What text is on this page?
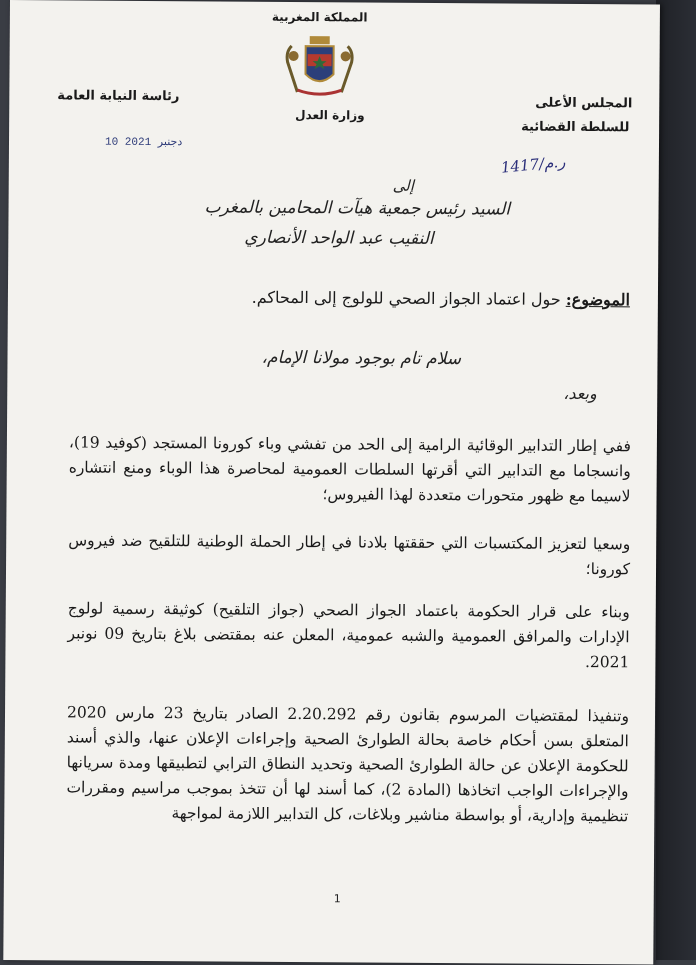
المملكة المغربية
رئاسة النيابة العامة
وزارة العدل
المجلس الأعلى
للسلطة القضائية
10 دجنبر 2021
1417/ر.م
إلى
السيد رئيس جمعية هيآت المحامين بالمغرب
النقيب عبد الواحد الأنصاري
الموضوع: حول اعتماد الجواز الصحي للولوج إلى المحاكم.
سلام تام بوجود مولانا الإمام،
وبعد،
ففي إطار التدابير الوقائية الرامية إلى الحد من تفشي وباء كورونا المستجد (كوفيد 19)، وانسجاما مع التدابير التي أقرتها السلطات العمومية لمحاصرة هذا الوباء ومنع انتشاره لاسيما مع ظهور متحورات متعددة لهذا الفيروس؛
وسعيا لتعزيز المكتسبات التي حققتها بلادنا في إطار الحملة الوطنية للتلقيح ضد فيروس كورونا؛
وبناء على قرار الحكومة باعتماد الجواز الصحي (جواز التلقيح) كوثيقة رسمية لولوج الإدارات والمرافق العمومية والشبه عمومية، المعلن عنه بمقتضى بلاغ بتاريخ 09 نونبر 2021.
وتنفيذا لمقتضيات المرسوم بقانون رقم 2.20.292 الصادر بتاريخ 23 مارس 2020 المتعلق بسن أحكام خاصة بحالة الطوارئ الصحية وإجراءات الإعلان عنها، والذي أسند للحكومة الإعلان عن حالة الطوارئ الصحية وتحديد النطاق الترابي لتطبيقها ومدة سريانها والإجراءات الواجب اتخاذها (المادة 2)، كما أسند لها أن تتخذ بموجب مراسيم ومقررات تنظيمية وإدارية، أو بواسطة مناشير وبلاغات، كل التدابير اللازمة لمواجهة
1
